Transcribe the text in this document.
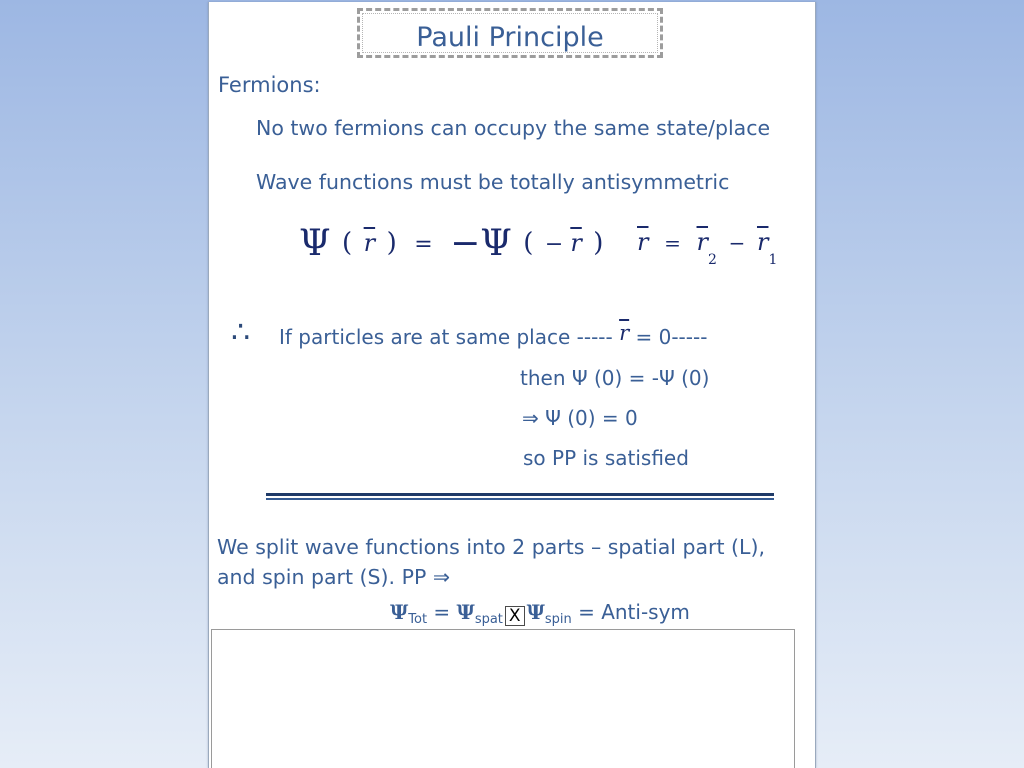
Pauli Principle

Fermions:

No two fermions can occupy the same state/place

Wave functions must be totally antisymmetric

Ψ ( $\overline{r}$ ) = −Ψ ( − $\overline{r}$ ) $\overline{r} = \overline{r}_2 - \overline{r}_1$
∴ If particles are at same place ----- $\overline{r} = 0-----$

then Ψ (0) = -Ψ (0)

⇒ Ψ (0) = 0

so PP is satisfied

We split wave functions into 2 parts – spatial part (L),

and spin part (S). PP ⇒

$\Psi_{Tot} = \Psi_{spat}$ X $\Psi_{spin}$ = Anti-sym
